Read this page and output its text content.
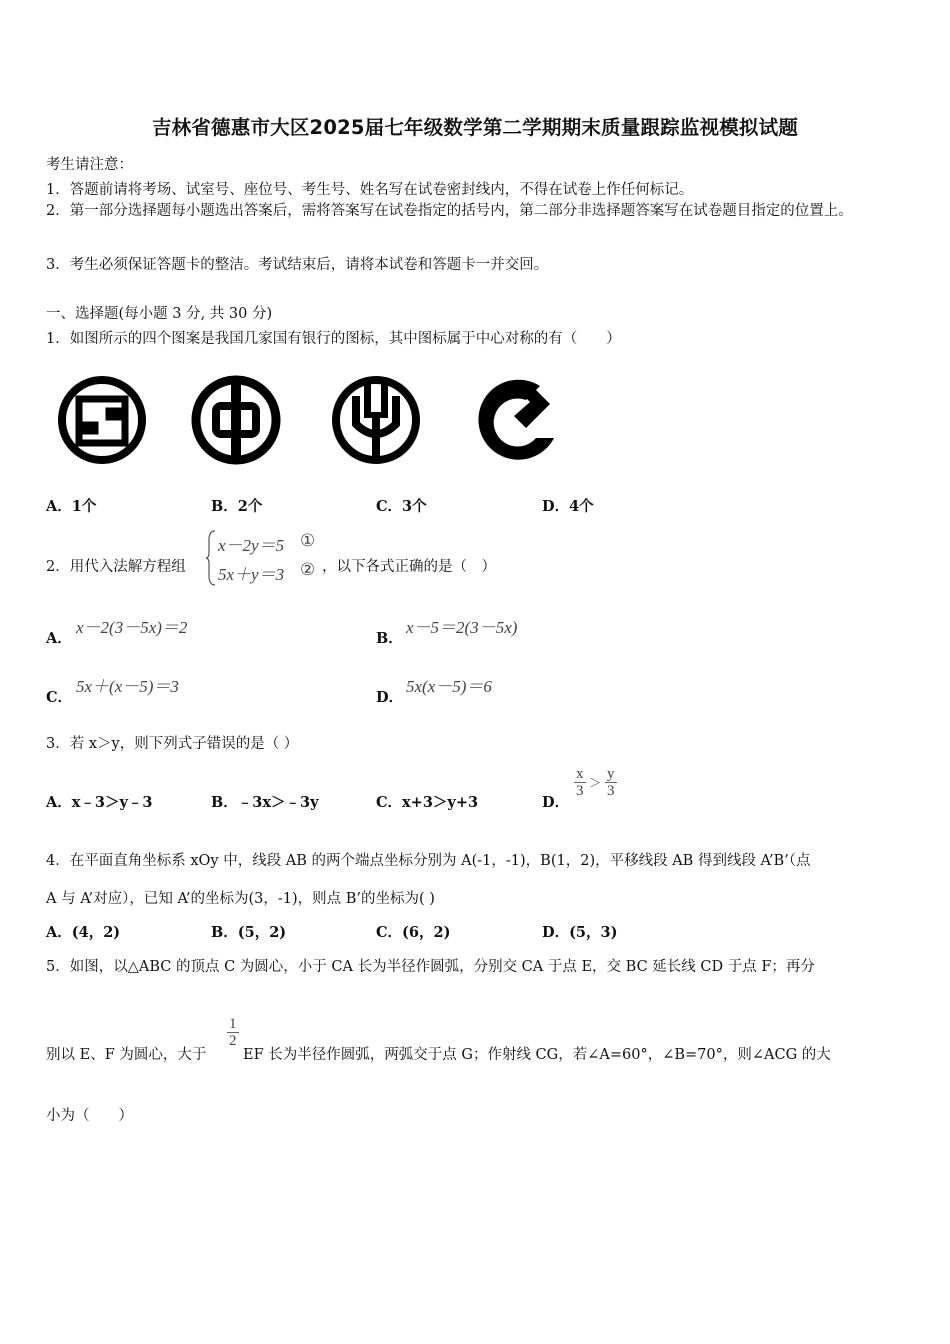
吉林省德惠市大区2025届七年级数学第二学期期末质量跟踪监视模拟试题
考生请注意：
1．答题前请将考场、试室号、座位号、考生号、姓名写在试卷密封线内，不得在试卷上作任何标记。
2．第一部分选择题每小题选出答案后，需将答案写在试卷指定的括号内，第二部分非选择题答案写在试卷题目指定的位置上。
3．考生必须保证答题卡的整洁。考试结束后，请将本试卷和答题卡一并交回。
一、选择题(每小题 3 分, 共 30 分)
1．如图所示的四个图案是我国几家国有银行的图标，其中图标属于中心对称的有（　　）
A．1个	B．2个	C．3个	D．4个
2．用代入法解方程组
x－2y＝5 ①
5x＋y＝3 ② ，以下各式正确的是（　）
A．
x－2(3－5x)＝2
B．
x－5＝2(3－5x)
C．
5x＋(x－5)＝3
D．
5x(x－5)＝6
3．若 x＞y，则下列式子错误的是（ ）
A．x﹣3＞y﹣3	B．﹣3x＞﹣3y	C．x+3＞y+3	D．
$\frac{x}{3} > \frac{y}{3}$
4．在平面直角坐标系 xOy 中，线段 AB 的两个端点坐标分别为 A(-1，-1)，B(1，2)，平移线段 AB 得到线段 A’B’（点
A 与 A’对应），已知 A’的坐标为(3，-1)，则点 B’的坐标为( )
A．(4，2)	B．(5，2)	C．(6，2)	D．(5，3)
5．如图，以△ABC 的顶点 C 为圆心，小于 CA 长为半径作圆弧，分别交 CA 于点 E，交 BC 延长线 CD 于点 F；再分
别以 E、F 为圆心，大于
$\frac{1}{2}$
EF 长为半径作圆弧，两弧交于点 G；作射线 CG，若∠A=60°，∠B=70°，则∠ACG 的大
小为（　　）
